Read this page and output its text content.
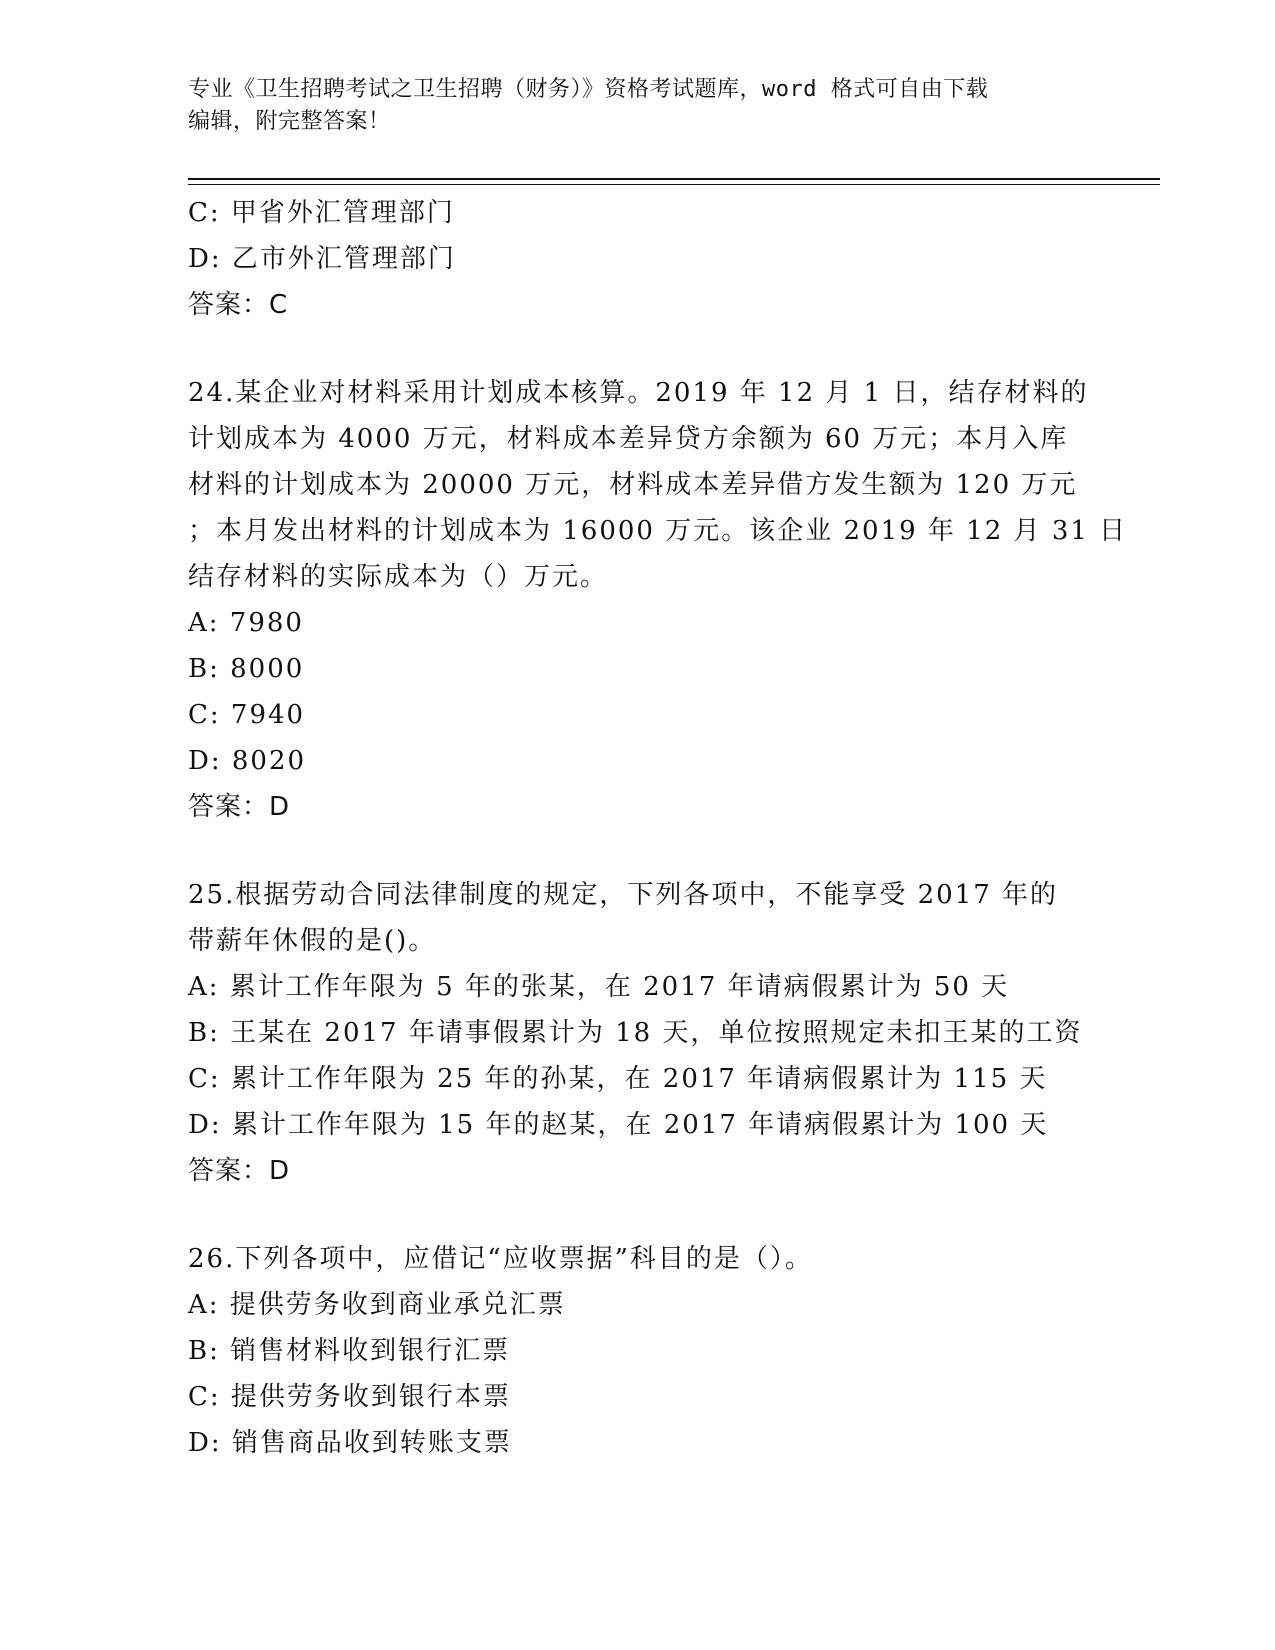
专业《卫生招聘考试之卫生招聘（财务）》资格考试题库，word 格式可自由下载
编辑，附完整答案！
C: 甲省外汇管理部门
D: 乙市外汇管理部门
答案：C
24.某企业对材料采用计划成本核算。2019 年 12 月 1 日，结存材料的
计划成本为 4000 万元，材料成本差异贷方余额为 60 万元；本月入库
材料的计划成本为 20000 万元，材料成本差异借方发生额为 120 万元
；本月发出材料的计划成本为 16000 万元。该企业 2019 年 12 月 31 日
结存材料的实际成本为（）万元。
A: 7980
B: 8000
C: 7940
D: 8020
答案：D
25.根据劳动合同法律制度的规定，下列各项中，不能享受 2017 年的
带薪年休假的是()。
A: 累计工作年限为 5 年的张某，在 2017 年请病假累计为 50 天
B: 王某在 2017 年请事假累计为 18 天，单位按照规定未扣王某的工资
C: 累计工作年限为 25 年的孙某，在 2017 年请病假累计为 115 天
D: 累计工作年限为 15 年的赵某，在 2017 年请病假累计为 100 天
答案：D
26.下列各项中，应借记“应收票据”科目的是（）。
A: 提供劳务收到商业承兑汇票
B: 销售材料收到银行汇票
C: 提供劳务收到银行本票
D: 销售商品收到转账支票
